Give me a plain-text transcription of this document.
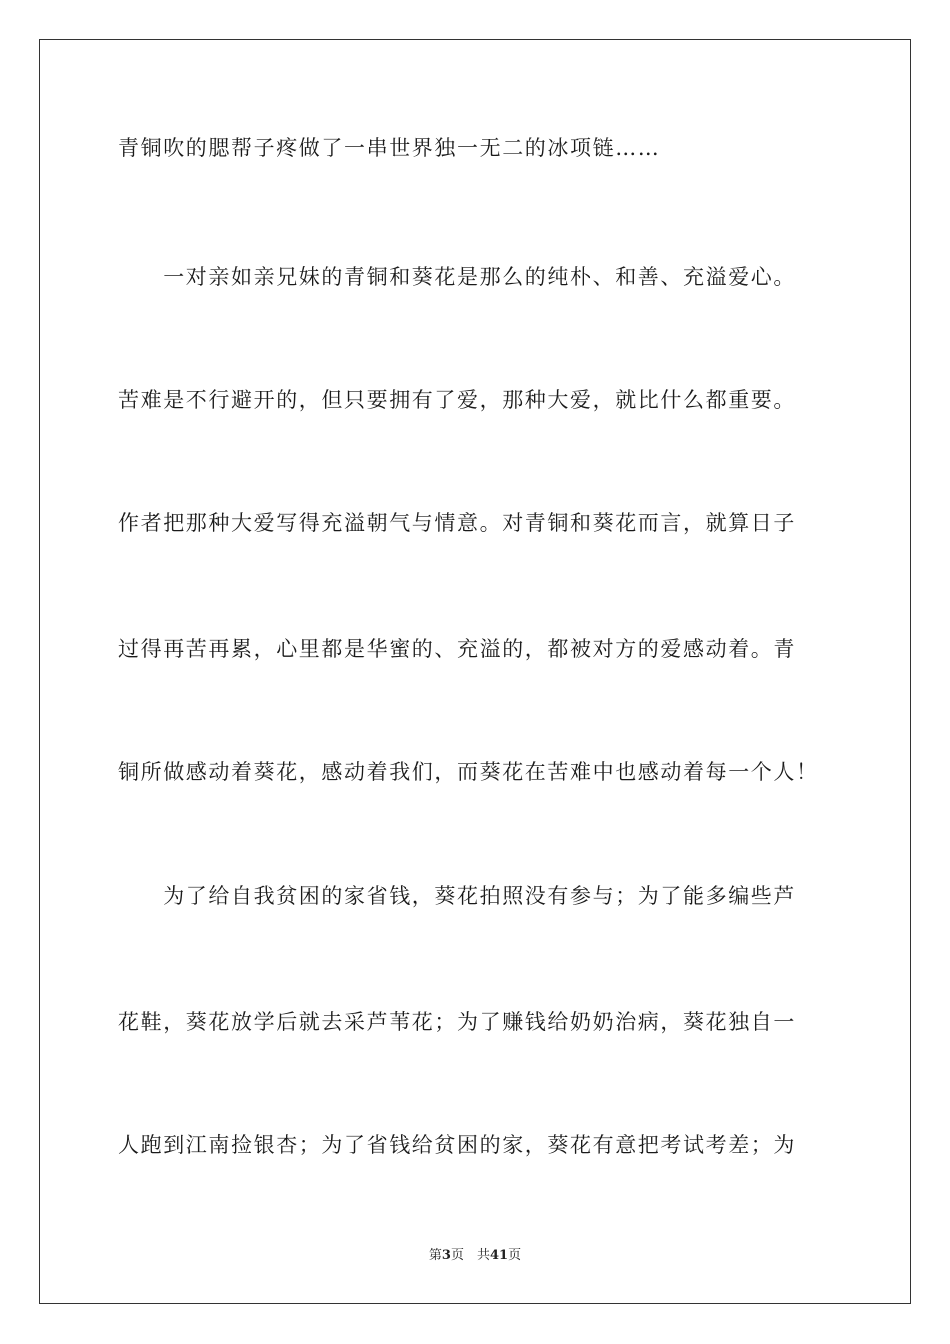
青铜吹的腮帮子疼做了一串世界独一无二的冰项链……
　　一对亲如亲兄妹的青铜和葵花是那么的纯朴、和善、充溢爱心。
苦难是不行避开的，但只要拥有了爱，那种大爱，就比什么都重要。
作者把那种大爱写得充溢朝气与情意。对青铜和葵花而言，就算日子
过得再苦再累，心里都是华蜜的、充溢的，都被对方的爱感动着。青
铜所做感动着葵花，感动着我们，而葵花在苦难中也感动着每一个人！
　　为了给自我贫困的家省钱，葵花拍照没有参与；为了能多编些芦
花鞋，葵花放学后就去采芦苇花；为了赚钱给奶奶治病，葵花独自一
人跑到江南捡银杏；为了省钱给贫困的家，葵花有意把考试考差；为
第3页　共41页
